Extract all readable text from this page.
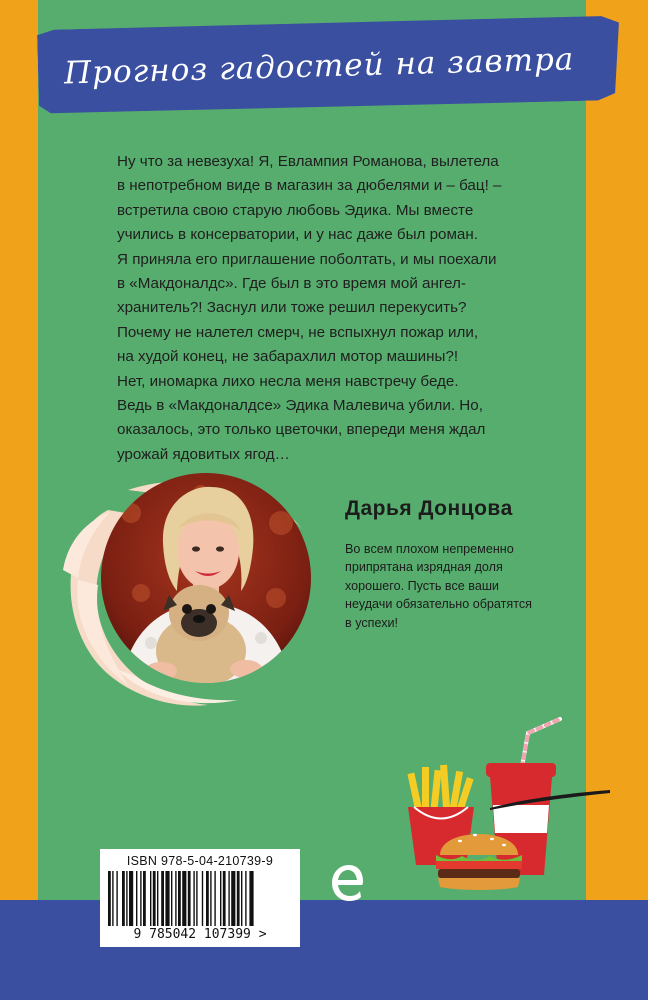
Прогноз гадостей на завтра

Ну что за невезуха! Я, Евлампия Романова, вылетела
в непотребном виде в магазин за дюбелями и – бац! –
встретила свою старую любовь Эдика. Мы вместе
учились в консерватории, и у нас даже был роман.
Я приняла его приглашение поболтать, и мы поехали
в «Макдоналдс». Где был в это время мой ангел-
хранитель?! Заснул или тоже решил перекусить?
Почему не налетел смерч, не вспыхнул пожар или,
на худой конец, не забарахлил мотор машины?!
Нет, иномарка лихо несла меня навстречу беде.
Ведь в «Макдоналдсе» Эдика Малевича убили. Но,
оказалось, это только цветочки, впереди меня ждал
урожай ядовитых ягод…

Дарья Донцова

Во всем плохом непременно
припрятана изрядная доля
хорошего. Пусть все ваши
неудачи обязательно обратятся
в успехи!

ISBN 978-5-04-210739-9
9 785042 107399 >
